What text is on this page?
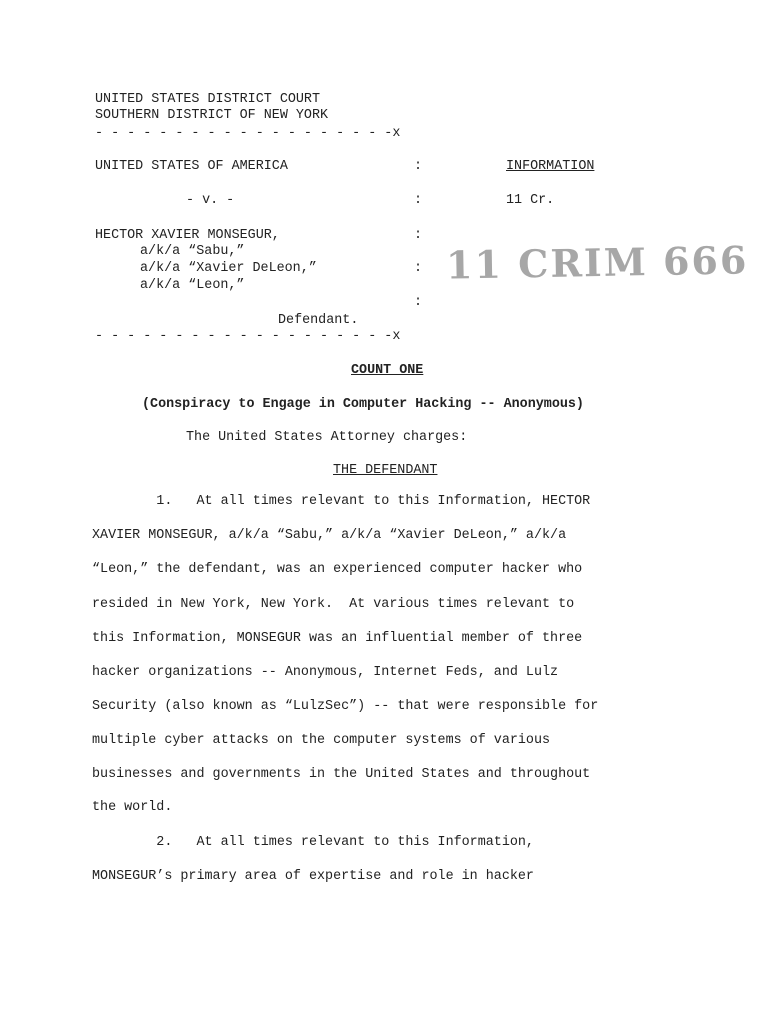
UNITED STATES DISTRICT COURT
SOUTHERN DISTRICT OF NEW YORK
- - - - - - - - - - - - - - - - - - -x
UNITED STATES OF AMERICA
- v. -
HECTOR XAVIER MONSEGUR,
a/k/a “Sabu,”
a/k/a “Xavier DeLeon,”
a/k/a “Leon,”
Defendant.
- - - - - - - - - - - - - - - - - - -x
:
:
:
:
:
INFORMATION
11 Cr.
11 CRIM 666
COUNT ONE
(Conspiracy to Engage in Computer Hacking -- Anonymous)
The United States Attorney charges:
THE DEFENDANT
1.   At all times relevant to this Information, HECTOR
XAVIER MONSEGUR, a/k/a “Sabu,” a/k/a “Xavier DeLeon,” a/k/a
“Leon,” the defendant, was an experienced computer hacker who
resided in New York, New York.  At various times relevant to
this Information, MONSEGUR was an influential member of three
hacker organizations -- Anonymous, Internet Feds, and Lulz
Security (also known as “LulzSec”) -- that were responsible for
multiple cyber attacks on the computer systems of various
businesses and governments in the United States and throughout
the world.
2.   At all times relevant to this Information,
MONSEGUR’s primary area of expertise and role in hacker
